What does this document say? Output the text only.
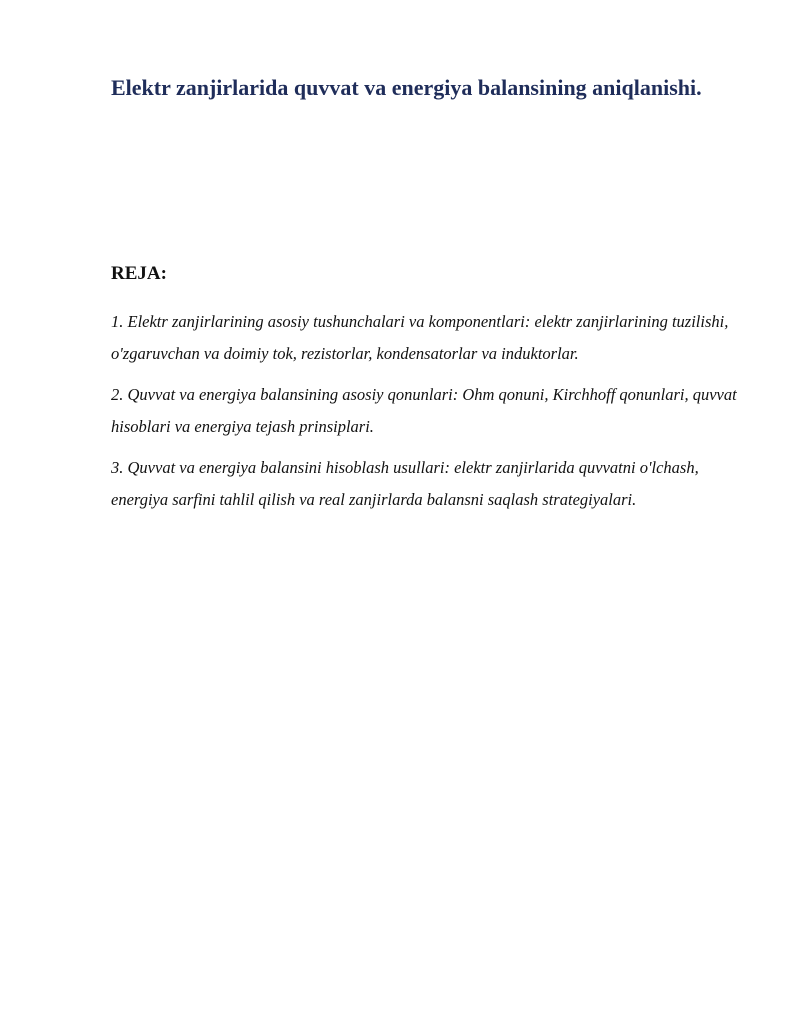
Elektr zanjirlarida quvvat va energiya balansining aniqlanishi.
REJA:
1. Elektr zanjirlarining asosiy tushunchalari va komponentlari: elektr zanjirlarining tuzilishi, o'zgaruvchan va doimiy tok, rezistorlar, kondensatorlar va induktorlar.
2. Quvvat va energiya balansining asosiy qonunlari: Ohm qonuni, Kirchhoff qonunlari, quvvat hisoblari va energiya tejash prinsiplari.
3. Quvvat va energiya balansini hisoblash usullari: elektr zanjirlarida quvvatni o'lchash, energiya sarfini tahlil qilish va real zanjirlarda balansni saqlash strategiyalari.
